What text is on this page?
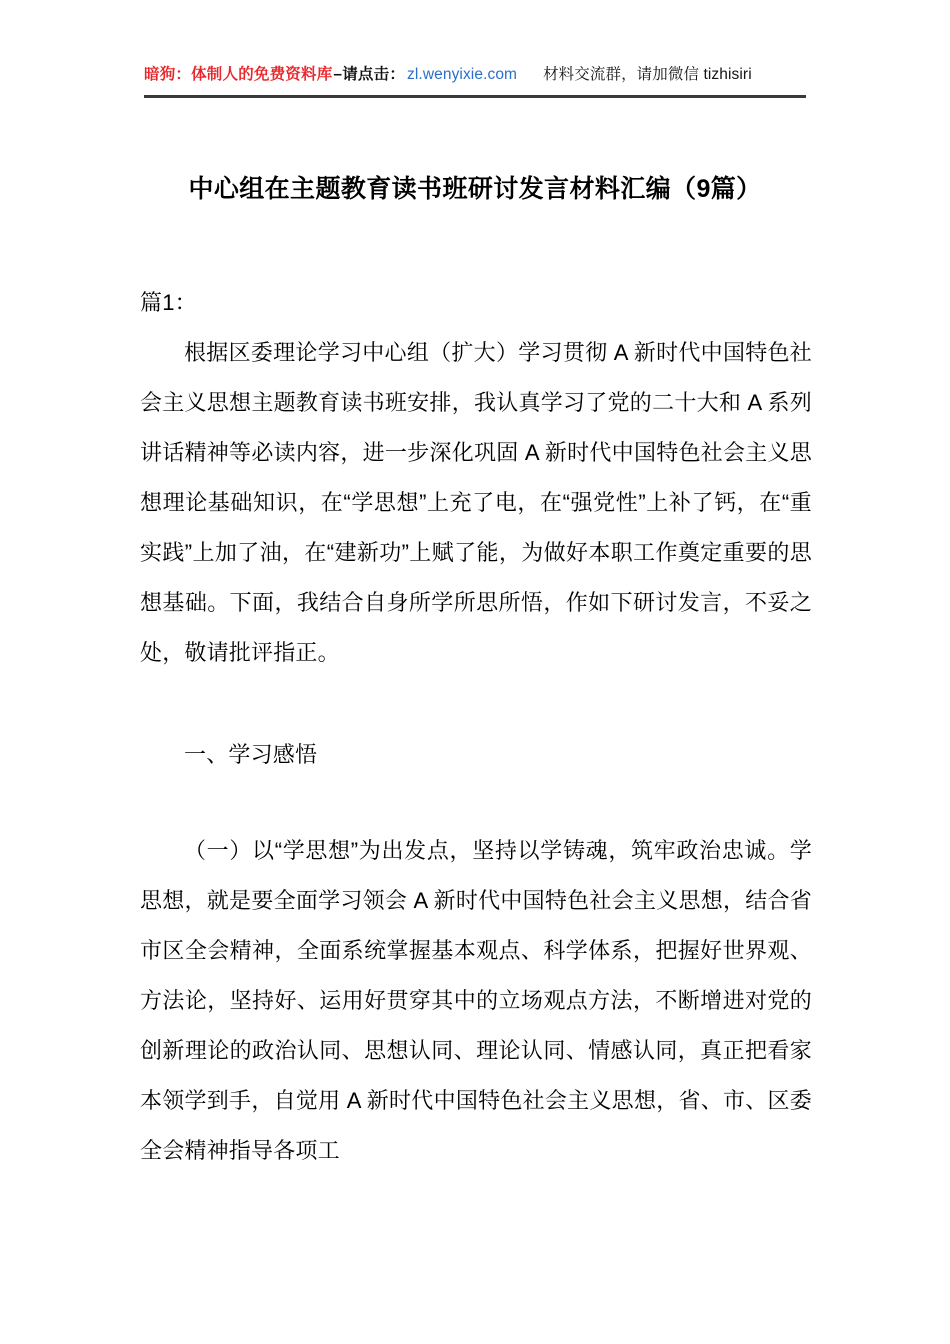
暗狗：体制人的免费资料库 –请点击： zl.wenyixie.com 材料交流群，请加微信 tizhisiri
中心组在主题教育读书班研讨发言材料汇编（9篇）

篇1：

根据区委理论学习中心组（扩大）学习贯彻 A 新时代中国特色社会主义思想主题教育读书班安排，我认真学习了党的二十大和 A 系列讲话精神等必读内容，进一步深化巩固 A 新时代中国特色社会主义思想理论基础知识，在“学思想”上充了电，在“强党性”上补了钙，在“重实践”上加了油，在“建新功”上赋了能，为做好本职工作奠定重要的思想基础。下面，我结合自身所学所思所悟，作如下研讨发言，不妥之处，敬请批评指正。

一、学习感悟

（一）以“学思想”为出发点，坚持以学铸魂，筑牢政治忠诚。学思想，就是要全面学习领会 A 新时代中国特色社会主义思想，结合省市区全会精神，全面系统掌握基本观点、科学体系，把握好世界观、方法论，坚持好、运用好贯穿其中的立场观点方法，不断增进对党的创新理论的政治认同、思想认同、理论认同、情感认同，真正把看家本领学到手，自觉用 A 新时代中国特色社会主义思想，省、市、区委全会精神指导各项工
